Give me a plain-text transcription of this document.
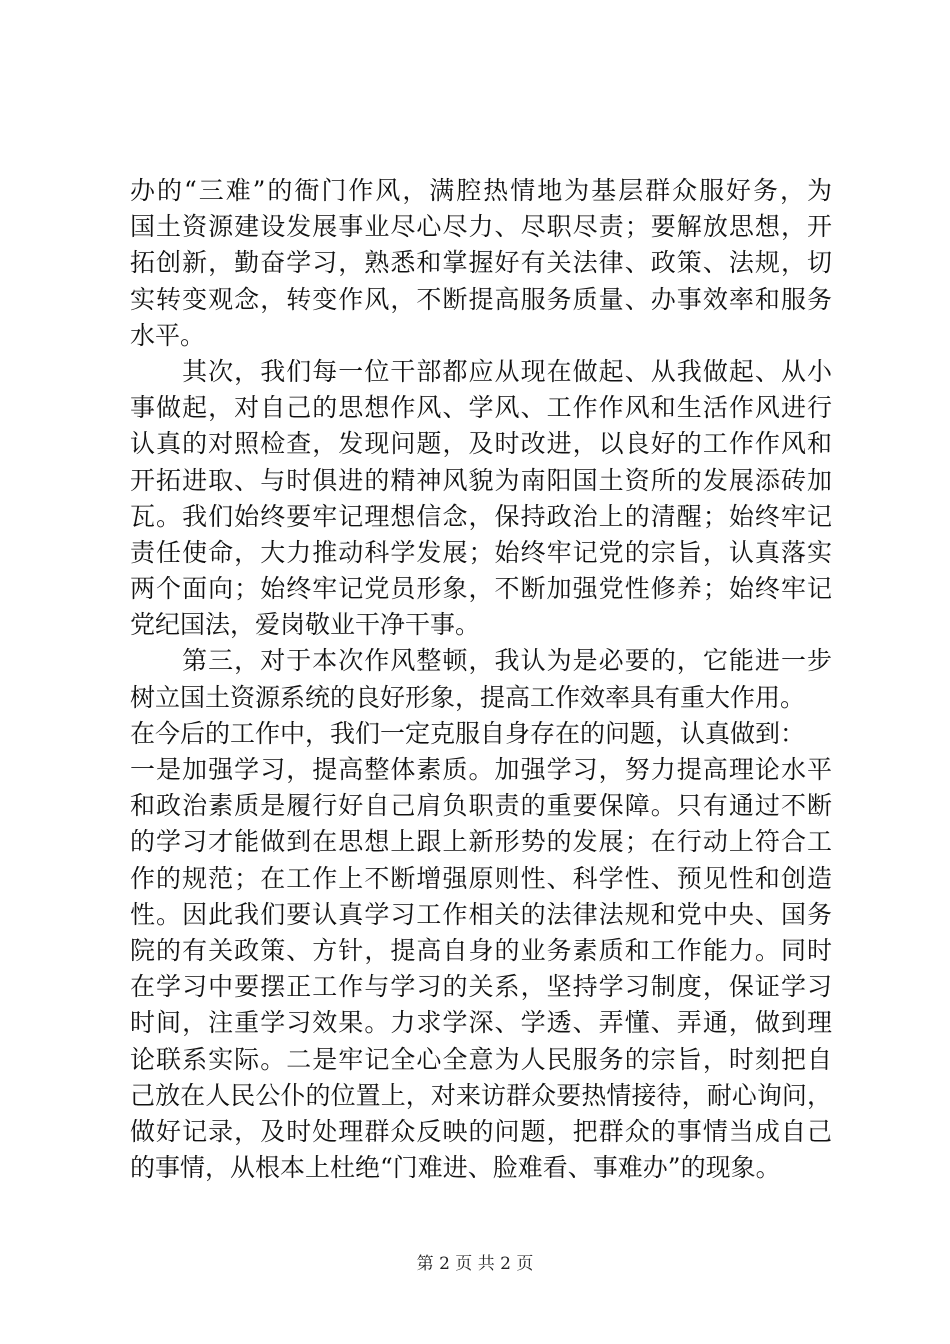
办的“三难”的衙门作风，满腔热情地为基层群众服好务，为
国土资源建设发展事业尽心尽力、尽职尽责；要解放思想，开
拓创新，勤奋学习，熟悉和掌握好有关法律、政策、法规，切
实转变观念，转变作风，不断提高服务质量、办事效率和服务
水平。
　　其次，我们每一位干部都应从现在做起、从我做起、从小
事做起，对自己的思想作风、学风、工作作风和生活作风进行
认真的对照检查，发现问题，及时改进，以良好的工作作风和
开拓进取、与时俱进的精神风貌为南阳国土资所的发展添砖加
瓦。我们始终要牢记理想信念，保持政治上的清醒；始终牢记
责任使命，大力推动科学发展；始终牢记党的宗旨，认真落实
两个面向；始终牢记党员形象，不断加强党性修养；始终牢记
党纪国法，爱岗敬业干净干事。
　　第三，对于本次作风整顿，我认为是必要的，它能进一步
树立国土资源系统的良好形象，提高工作效率具有重大作用。
在今后的工作中，我们一定克服自身存在的问题，认真做到：
一是加强学习，提高整体素质。加强学习，努力提高理论水平
和政治素质是履行好自己肩负职责的重要保障。只有通过不断
的学习才能做到在思想上跟上新形势的发展；在行动上符合工
作的规范；在工作上不断增强原则性、科学性、预见性和创造
性。因此我们要认真学习工作相关的法律法规和党中央、国务
院的有关政策、方针，提高自身的业务素质和工作能力。同时
在学习中要摆正工作与学习的关系，坚持学习制度，保证学习
时间，注重学习效果。力求学深、学透、弄懂、弄通，做到理
论联系实际。二是牢记全心全意为人民服务的宗旨，时刻把自
己放在人民公仆的位置上，对来访群众要热情接待，耐心询问，
做好记录，及时处理群众反映的问题，把群众的事情当成自己
的事情，从根本上杜绝“门难进、脸难看、事难办”的现象。
第 2 页 共 2 页
